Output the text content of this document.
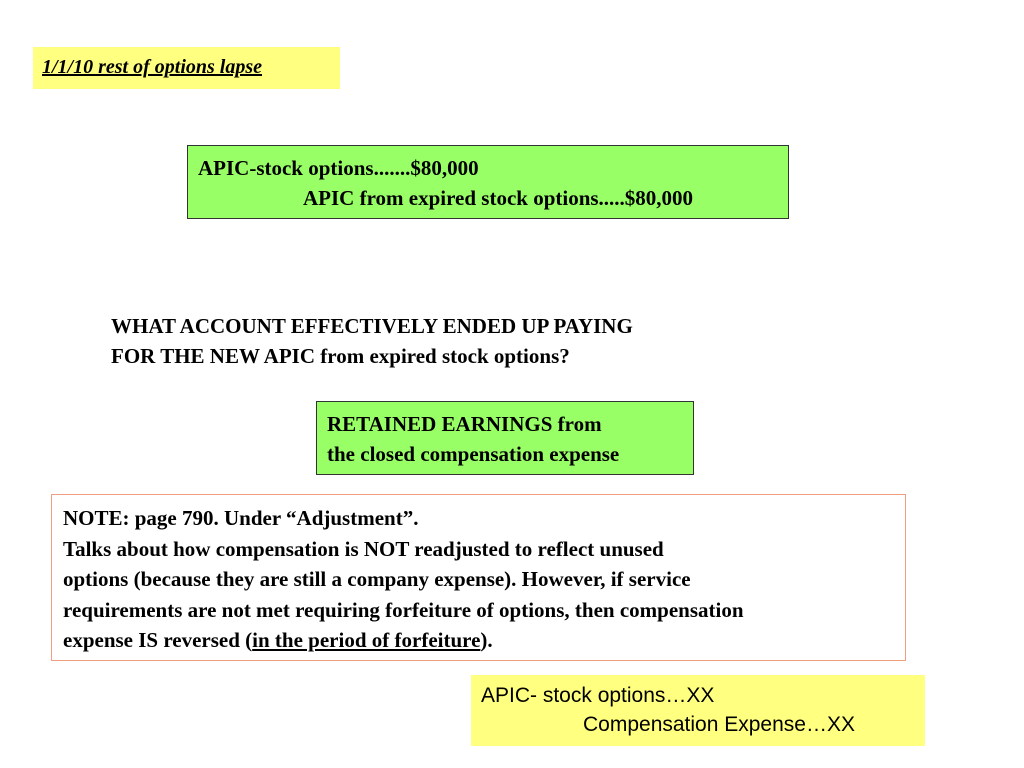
1/1/10 rest of options lapse
APIC-stock options.......$80,000
APIC from expired stock options.....$80,000
WHAT ACCOUNT EFFECTIVELY ENDED UP PAYING
FOR THE NEW APIC from expired stock options?
RETAINED EARNINGS from
the closed compensation expense
NOTE: page 790. Under “Adjustment”.
Talks about how compensation is NOT readjusted to reflect unused
options (because they are still a company expense). However, if service
requirements are not met requiring forfeiture of options, then compensation
expense IS reversed (in the period of forfeiture).
APIC- stock options…XX
Compensation Expense…XX
